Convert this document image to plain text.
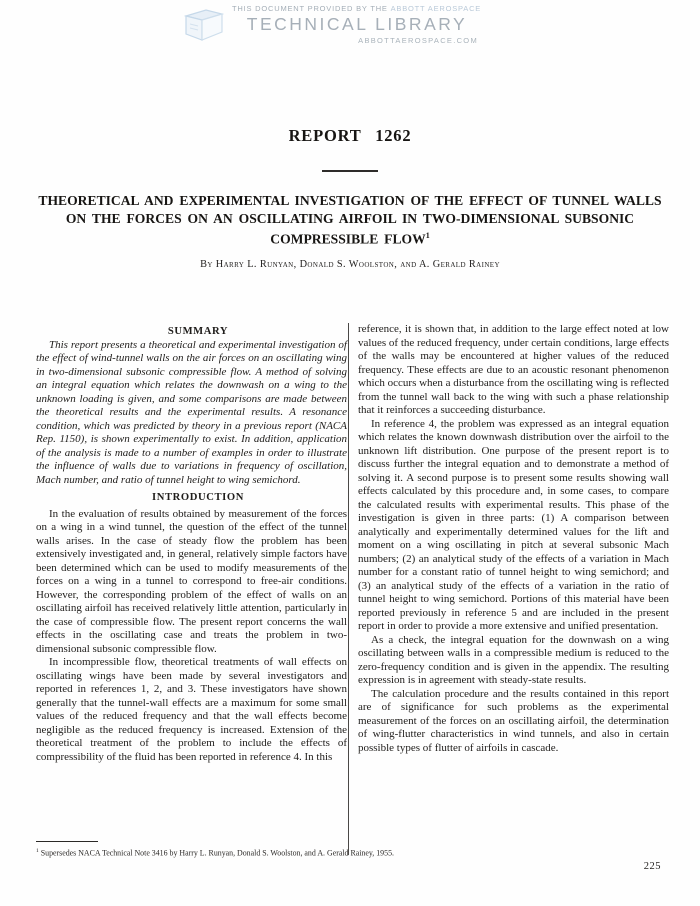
THIS DOCUMENT PROVIDED BY THE ABBOTT AEROSPACE
TECHNICAL LIBRARY
ABBOTTAEROSPACE.COM
REPORT 1262
THEORETICAL AND EXPERIMENTAL INVESTIGATION OF THE EFFECT OF TUNNEL WALLS ON THE FORCES ON AN OSCILLATING AIRFOIL IN TWO-DIMENSIONAL SUBSONIC COMPRESSIBLE FLOW$^1$
By Harry L. Runyan, Donald S. Woolston, and A. Gerald Rainey

SUMMARY

This report presents a theoretical and experimental investigation of the effect of wind-tunnel walls on the air forces on an oscillating wing in two-dimensional subsonic compressible flow. A method of solving an integral equation which relates the downwash on a wing to the unknown loading is given, and some comparisons are made between the theoretical results and the experimental results. A resonance condition, which was predicted by theory in a previous report (NACA Rep. 1150), is shown experimentally to exist. In addition, application of the analysis is made to a number of examples in order to illustrate the influence of walls due to variations in frequency of oscillation, Mach number, and ratio of tunnel height to wing semichord.

INTRODUCTION

In the evaluation of results obtained by measurement of the forces on a wing in a wind tunnel, the question of the effect of the tunnel walls arises. In the case of steady flow the problem has been extensively investigated and, in general, relatively simple factors have been determined which can be used to modify measurements of the forces on a wing in a tunnel to correspond to free-air conditions. However, the corresponding problem of the effect of walls on an oscillating airfoil has received relatively little attention, particularly in the case of compressible flow. The present report concerns the wall effects in the oscillating case and treats the problem in two-dimensional subsonic compressible flow.

In incompressible flow, theoretical treatments of wall effects on oscillating wings have been made by several investigators and reported in references 1, 2, and 3. These investigators have shown generally that the tunnel-wall effects are a maximum for some small values of the reduced frequency and that the wall effects become negligible as the reduced frequency is increased. Extension of the theoretical treatment of the problem to include the effects of compressibility of the fluid has been reported in reference 4. In this

reference, it is shown that, in addition to the large effect noted at low values of the reduced frequency, under certain conditions, large effects of the walls may be encountered at higher values of the reduced frequency. These effects are due to an acoustic resonant phenomenon which occurs when a disturbance from the oscillating wing is reflected from the tunnel wall back to the wing with such a phase relationship that it reinforces a succeeding disturbance.

In reference 4, the problem was expressed as an integral equation which relates the known downwash distribution over the airfoil to the unknown lift distribution. One purpose of the present report is to discuss further the integral equation and to demonstrate a method of solving it. A second purpose is to present some results showing wall effects calculated by this procedure and, in some cases, to compare the calculated results with experimental results. This phase of the investigation is given in three parts: (1) A comparison between analytically and experimentally determined values for the lift and moment on a wing oscillating in pitch at several subsonic Mach numbers; (2) an analytical study of the effects of a variation in Mach number for a constant ratio of tunnel height to wing semichord; and (3) an analytical study of the effects of a variation in the ratio of tunnel height to wing semichord. Portions of this material have been reported previously in reference 5 and are included in the present report in order to provide a more extensive and unified presentation.

As a check, the integral equation for the downwash on a wing oscillating between walls in a compressible medium is reduced to the zero-frequency condition and is given in the appendix. The resulting expression is in agreement with steady-state results.

The calculation procedure and the results contained in this report are of significance for such problems as the experimental measurement of the forces on an oscillating airfoil, the determination of wing-flutter characteristics in wind tunnels, and also in certain possible types of flutter of airfoils in cascade.

$^1$ Supersedes NACA Technical Note 3416 by Harry L. Runyan, Donald S. Woolston, and A. Gerald Rainey, 1955.
225
